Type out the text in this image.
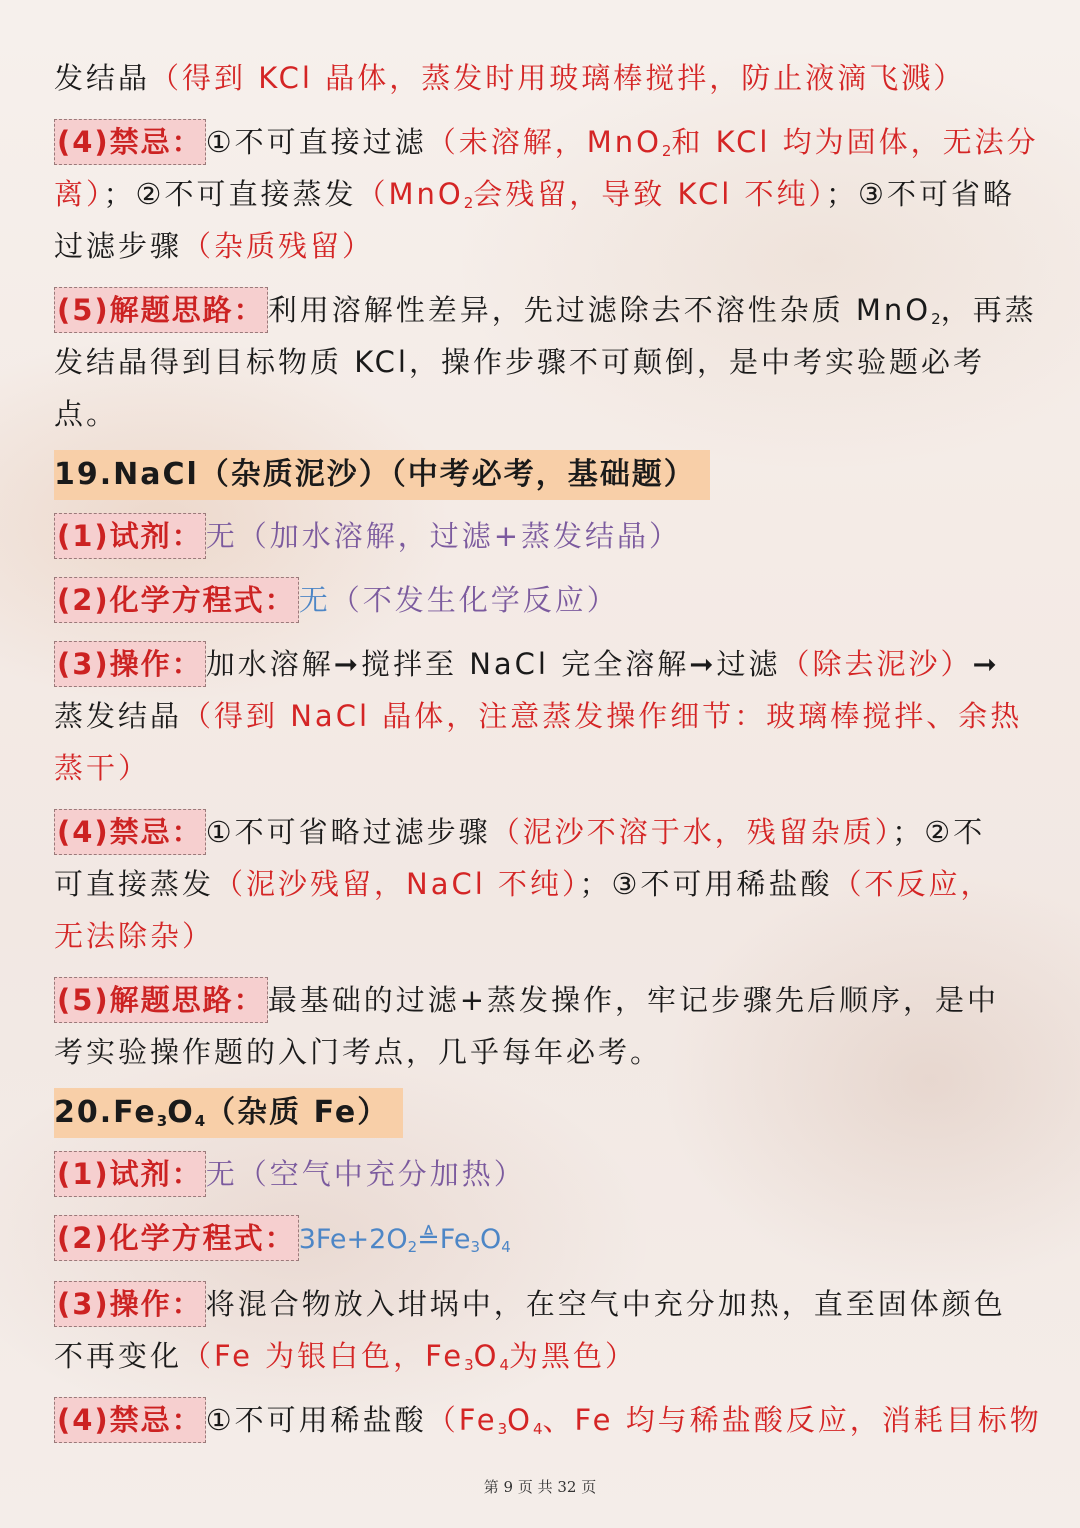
发结晶（得到 KCl 晶体，蒸发时用玻璃棒搅拌，防止液滴飞溅）

(4)禁忌： ①不可直接过滤（未溶解，MnO$_2$和 KCl 均为固体，无法分

离）；②不可直接蒸发（MnO$_2$会残留，导致 KCl 不纯）；③不可省略

过滤步骤（杂质残留）

(5)解题思路： 利用溶解性差异，先过滤除去不溶性杂质 MnO$_2$，再蒸

发结晶得到目标物质 KCl，操作步骤不可颠倒，是中考实验题必考

点。

19.NaCl（杂质泥沙）（中考必考，基础题）

(1)试剂： 无（加水溶解，过滤+蒸发结晶）

(2)化学方程式： 无（不发生化学反应）

(3)操作： 加水溶解➞搅拌至 NaCl 完全溶解➞过滤（除去泥沙）➞

蒸发结晶（得到 NaCl 晶体，注意蒸发操作细节：玻璃棒搅拌、余热

蒸干）

(4)禁忌： ①不可省略过滤步骤（泥沙不溶于水，残留杂质）；②不

可直接蒸发（泥沙残留，NaCl 不纯）；③不可用稀盐酸（不反应，

无法除杂）

(5)解题思路： 最基础的过滤+蒸发操作，牢记步骤先后顺序，是中

考实验操作题的入门考点，几乎每年必考。

$20.Fe_3O_4$（杂质 Fe）

(1)试剂： 无（空气中充分加热）

(2)化学方程式： $3Fe+2O_2≜Fe_3O_4$

(3)操作： 将混合物放入坩埚中，在空气中充分加热，直至固体颜色

不再变化（Fe 为银白色，$Fe_3O_4$为黑色）

(4)禁忌： ①不可用稀盐酸（$Fe_3O_4$、Fe 均与稀盐酸反应，消耗目标物

第 9 页 共 32 页
